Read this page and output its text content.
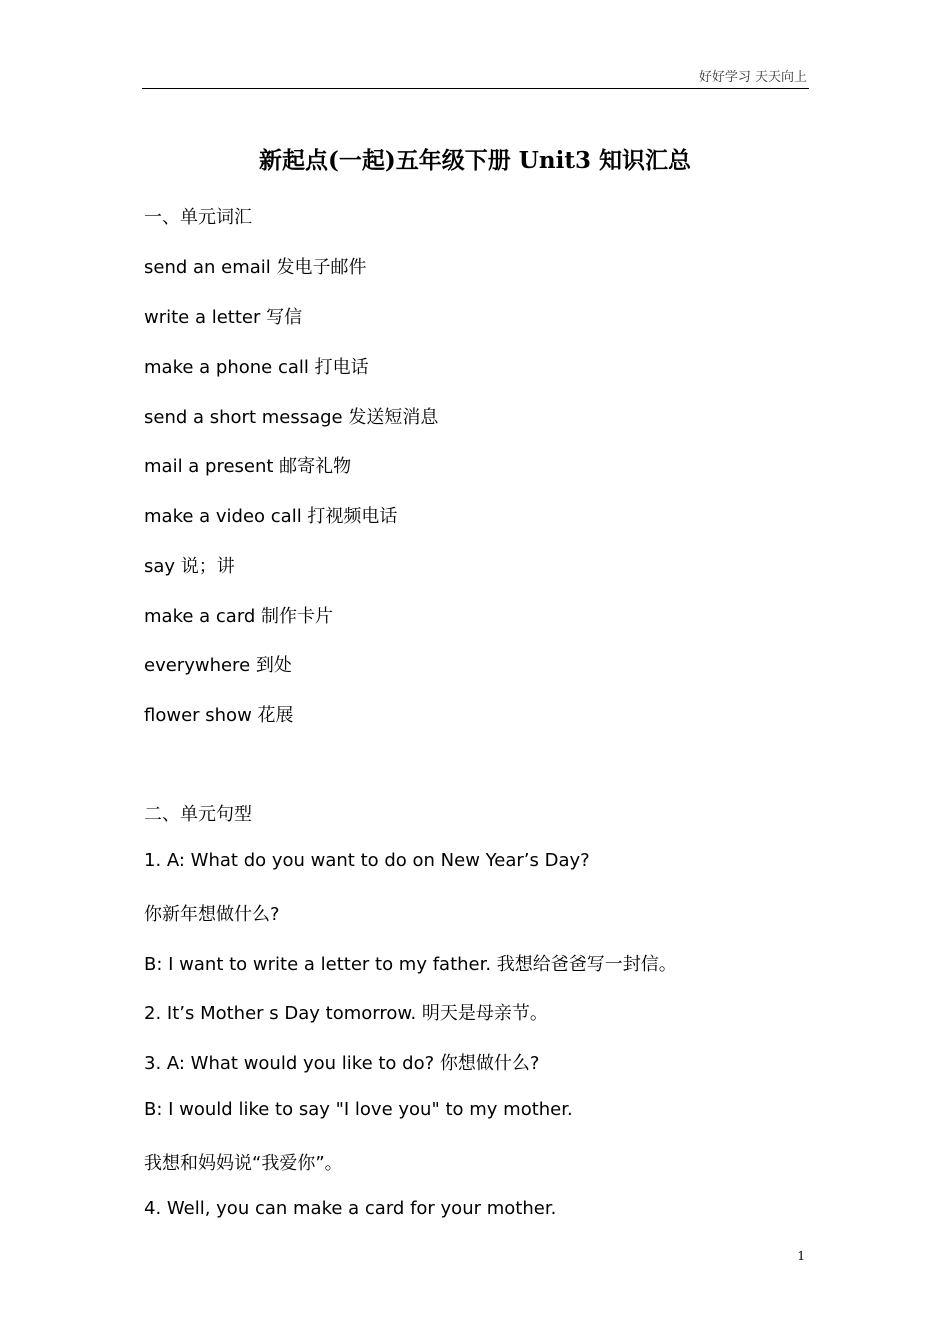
好好学习 天天向上
新起点(一起)五年级下册 Unit3 知识汇总
一、单元词汇
send an email 发电子邮件
write a letter 写信
make a phone call 打电话
send a short message 发送短消息
mail a present 邮寄礼物
make a video call 打视频电话
say 说；讲
make a card 制作卡片
everywhere 到处
flower show 花展
二、单元句型
1. A: What do you want to do on New Year’s Day?
你新年想做什么?
B: I want to write a letter to my father. 我想给爸爸写一封信。
2. It’s Mother s Day tomorrow. 明天是母亲节。
3. A: What would you like to do? 你想做什么?
B: I would like to say "I love you" to my mother.
我想和妈妈说“我爱你”。
4. Well, you can make a card for your mother.
1
